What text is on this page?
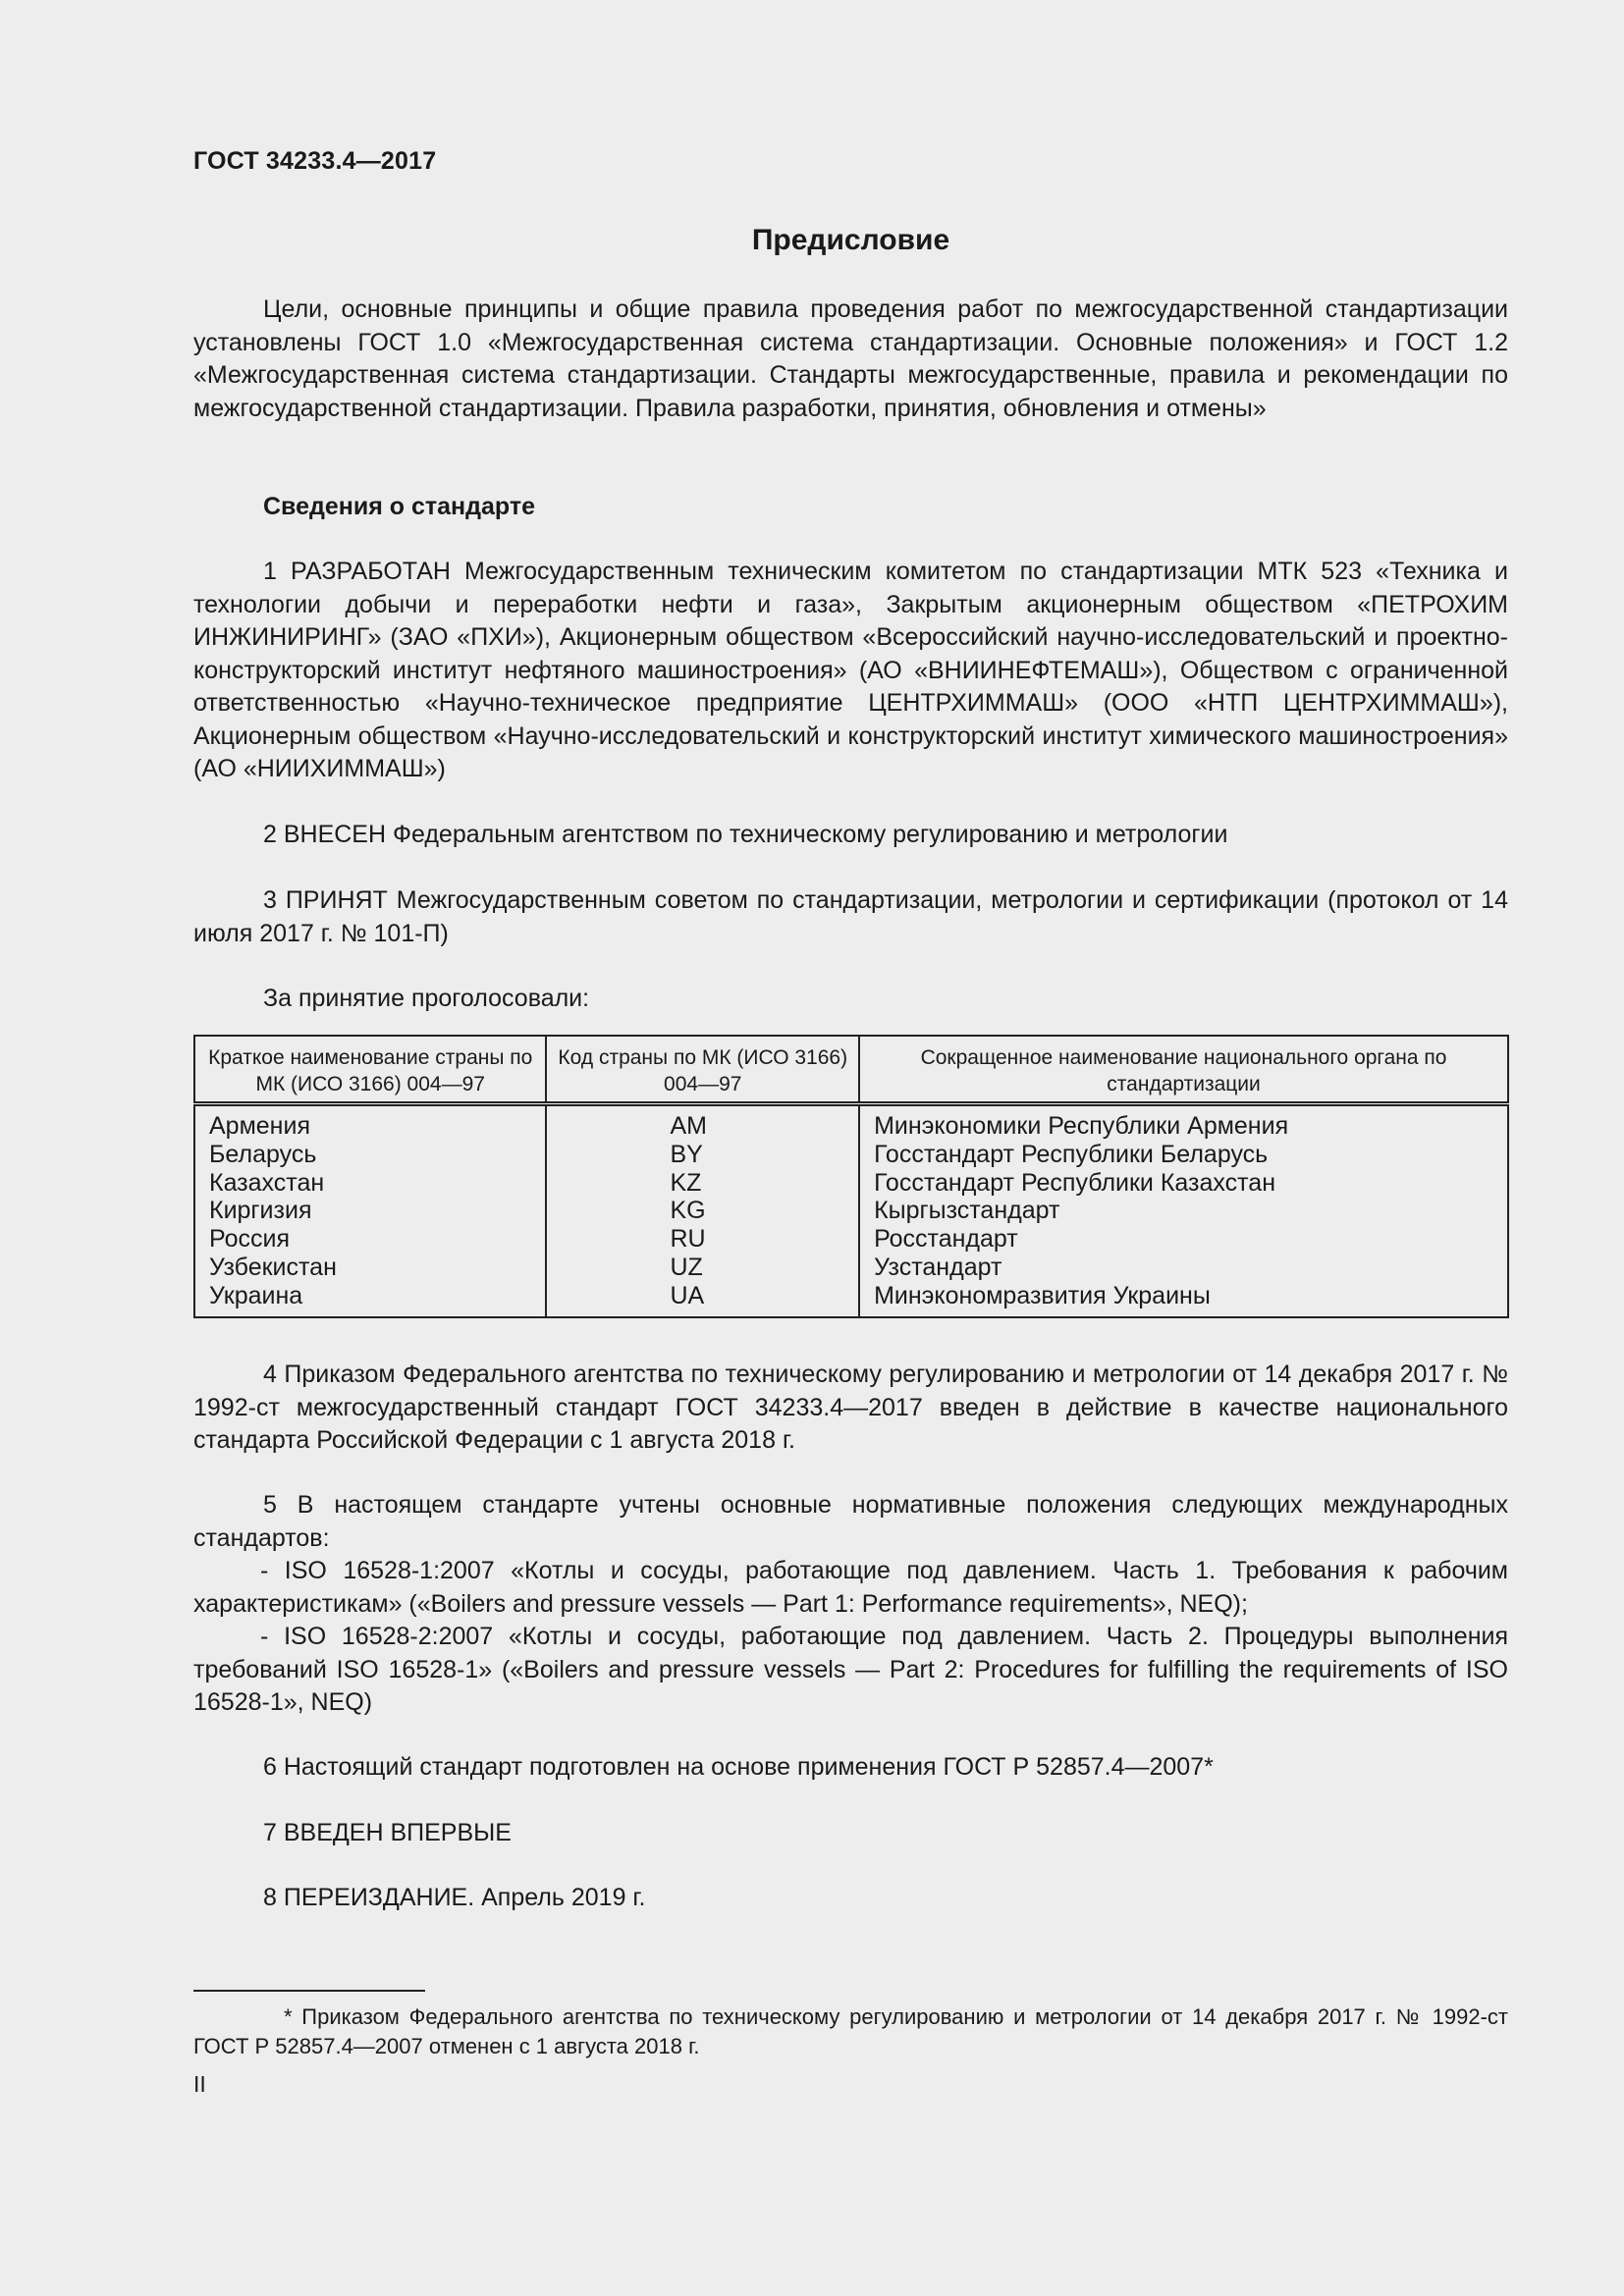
ГОСТ 34233.4—2017
Предисловие

Цели, основные принципы и общие правила проведения работ по межгосударственной стандартизации установлены ГОСТ 1.0 «Межгосударственная система стандартизации. Основные положения» и ГОСТ 1.2 «Межгосударственная система стандартизации. Стандарты межгосударственные, правила и рекомендации по межгосударственной стандартизации. Правила разработки, принятия, обновления и отмены»

Сведения о стандарте

1 РАЗРАБОТАН Межгосударственным техническим комитетом по стандартизации МТК 523 «Техника и технологии добычи и переработки нефти и газа», Закрытым акционерным обществом «ПЕТРОХИМ ИНЖИНИРИНГ» (ЗАО «ПХИ»), Акционерным обществом «Всероссийский научно-исследовательский и проектно-конструкторский институт нефтяного машиностроения» (АО «ВНИИНЕФТЕМАШ»), Обществом с ограниченной ответственностью «Научно-техническое предприятие ЦЕНТРХИММАШ» (ООО «НТП ЦЕНТРХИММАШ»), Акционерным обществом «Научно-исследовательский и конструкторский институт химического машиностроения» (АО «НИИХИММАШ»)

2 ВНЕСЕН Федеральным агентством по техническому регулированию и метрологии

3 ПРИНЯТ Межгосударственным советом по стандартизации, метрологии и сертификации (протокол от 14 июля 2017 г. № 101-П)

За принятие проголосовали:

Краткое наименование страны по МК (ИСО 3166) 004—97	Код страны по МК (ИСО 3166) 004—97	Сокращенное наименование национального органа по стандартизации
Армения	AM	Минэкономики Республики Армения
Беларусь	BY	Госстандарт Республики Беларусь
Казахстан	KZ	Госстандарт Республики Казахстан
Киргизия	KG	Кыргызстандарт
Россия	RU	Росстандарт
Узбекистан	UZ	Узстандарт
Украина	UA	Минэкономразвития Украины

4 Приказом Федерального агентства по техническому регулированию и метрологии от 14 декабря 2017 г. № 1992-ст межгосударственный стандарт ГОСТ 34233.4—2017 введен в действие в качестве национального стандарта Российской Федерации с 1 августа 2018 г.

5 В настоящем стандарте учтены основные нормативные положения следующих международных стандартов:

- ISO 16528-1:2007 «Котлы и сосуды, работающие под давлением. Часть 1. Требования к рабочим характеристикам» («Boilers and pressure vessels — Part 1: Performance requirements», NEQ);

- ISO 16528-2:2007 «Котлы и сосуды, работающие под давлением. Часть 2. Процедуры выполнения требований ISO 16528-1» («Boilers and pressure vessels — Part 2: Procedures for fulfilling the requirements of ISO 16528-1», NEQ)

6 Настоящий стандарт подготовлен на основе применения ГОСТ Р 52857.4—2007*

7 ВВЕДЕН ВПЕРВЫЕ

8 ПЕРЕИЗДАНИЕ. Апрель 2019 г.

* Приказом Федерального агентства по техническому регулированию и метрологии от 14 декабря 2017 г. № 1992-ст ГОСТ Р 52857.4—2007 отменен с 1 августа 2018 г.

II
